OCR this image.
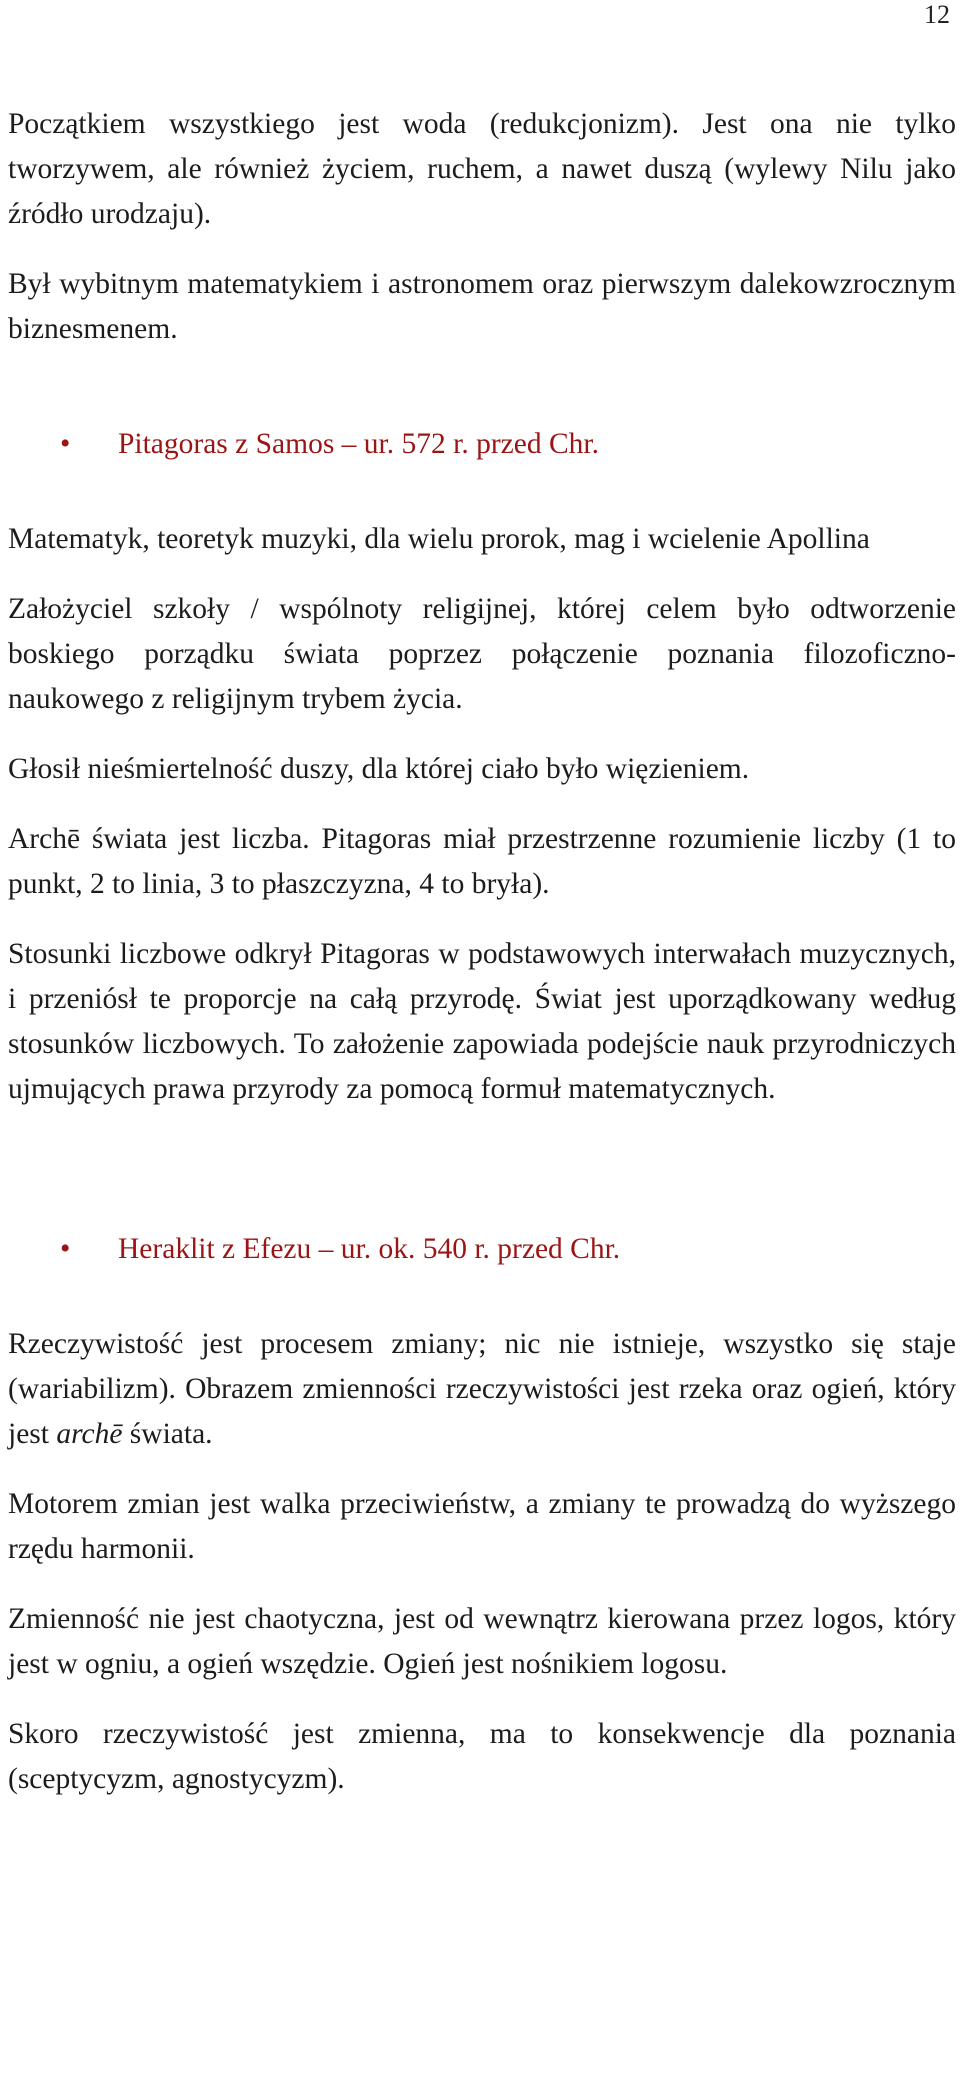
12

Początkiem wszystkiego jest woda (redukcjonizm). Jest ona nie tylko tworzywem, ale również życiem, ruchem, a nawet duszą (wylewy Nilu jako źródło urodzaju).

Był wybitnym matematykiem i astronomem oraz pierwszym dalekowzrocznym biznesmenem.

• Pitagoras z Samos – ur. 572 r. przed Chr.

Matematyk, teoretyk muzyki, dla wielu prorok, mag i wcielenie Apollina

Założyciel szkoły / wspólnoty religijnej, której celem było odtworzenie boskiego porządku świata poprzez połączenie poznania filozoficzno-naukowego z religijnym trybem życia.

Głosił nieśmiertelność duszy, dla której ciało było więzieniem.

Archē świata jest liczba. Pitagoras miał przestrzenne rozumienie liczby (1 to punkt, 2 to linia, 3 to płaszczyzna, 4 to bryła).

Stosunki liczbowe odkrył Pitagoras w podstawowych interwałach muzycznych, i przeniósł te proporcje na całą przyrodę. Świat jest uporządkowany według stosunków liczbowych. To założenie zapowiada podejście nauk przyrodniczych ujmujących prawa przyrody za pomocą formuł matematycznych.

• Heraklit z Efezu – ur. ok. 540 r. przed Chr.

Rzeczywistość jest procesem zmiany; nic nie istnieje, wszystko się staje (wariabilizm). Obrazem zmienności rzeczywistości jest rzeka oraz ogień, który jest archē świata.

Motorem zmian jest walka przeciwieństw, a zmiany te prowadzą do wyższego rzędu harmonii.

Zmienność nie jest chaotyczna, jest od wewnątrz kierowana przez logos, który jest w ogniu, a ogień wszędzie. Ogień jest nośnikiem logosu.

Skoro rzeczywistość jest zmienna, ma to konsekwencje dla poznania (sceptycyzm, agnostycyzm).
